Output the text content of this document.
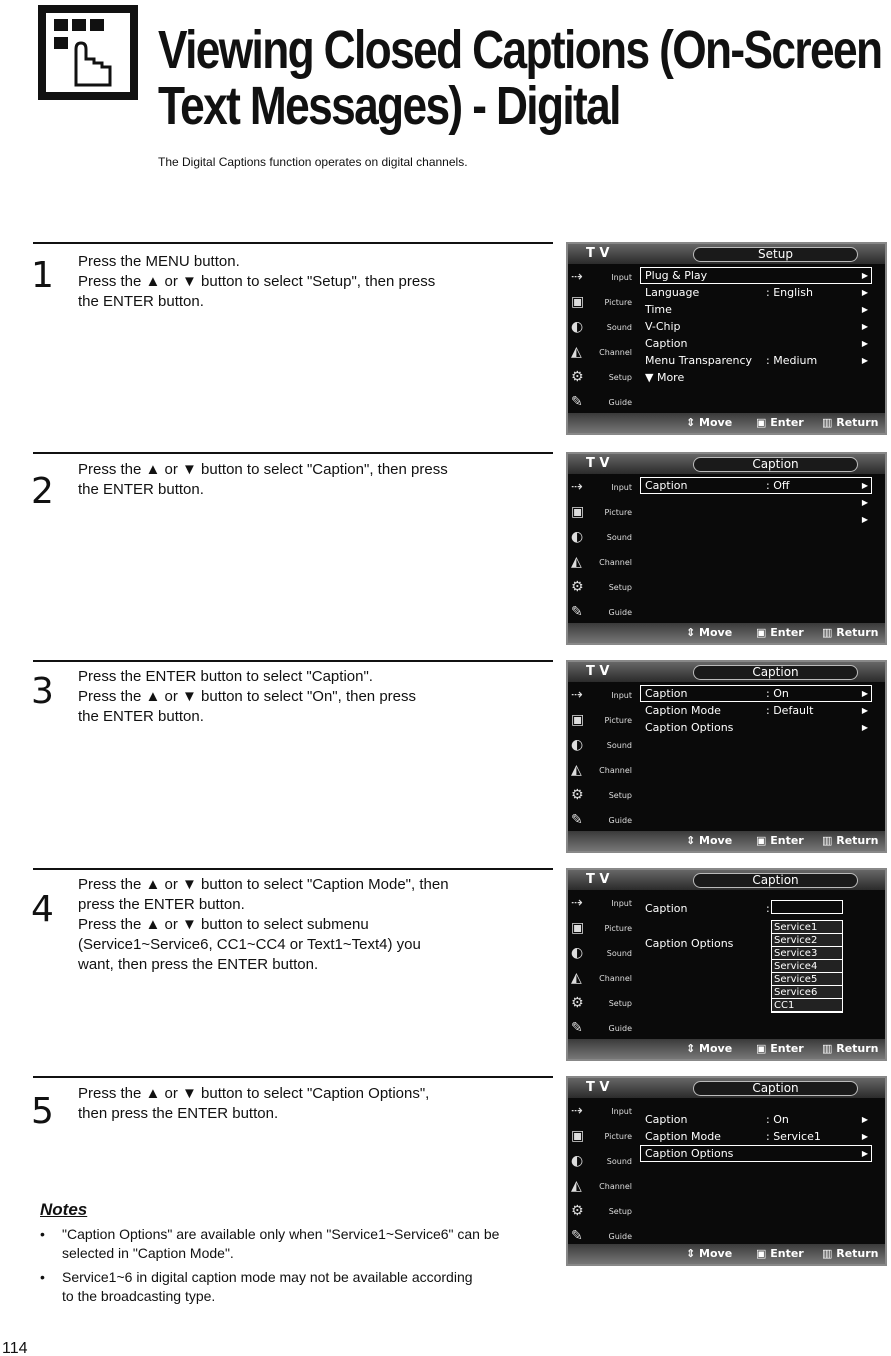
Viewing Closed Captions (On-Screen
Text Messages) - Digital
The Digital Captions function operates on digital channels.
1 Press the MENU button.
Press the ▲ or ▼ button to select "Setup", then press
the ENTER button.
T V	Setup
⇢	Input
▣	Picture
◐	Sound
◭ Channel
⚙	Setup
✎	Guide
Plug & Play	▶
Language	: English	▶
Time	▶
V-Chip	▶
Caption	▶
Menu Transparency : Medium	▶
▼ More
⇕ Move ▣ Enter ▥ Return
2
Press the ▲ or ▼ button to select "Caption", then press
the ENTER button.
T V	Caption
⇢	Input
▣	Picture
◐	Sound
◭ Channel
⚙	Setup
✎	Guide
Caption	: Off	▶
▶
▶
⇕ Move ▣ Enter ▥ Return
3 Press the ENTER button to select "Caption".
Press the ▲ or ▼ button to select "On", then press
the ENTER button.
T V	Caption
⇢	Input
▣	Picture
◐	Sound
◭ Channel
⚙	Setup
✎	Guide
Caption	: On	▶
Caption Mode	: Default	▶
Caption Options	▶
⇕ Move ▣ Enter ▥ Return
4
Press the ▲ or ▼ button to select "Caption Mode", then
press the ENTER button.
Press the ▲ or ▼ button to select submenu
(Service1~Service6, CC1~CC4 or Text1~Text4) you
want, then press the ENTER button.
T V	Caption
⇢	Input
▣	Picture
◐	Sound
◭ Channel
⚙	Setup
✎	Guide
Caption	:
Caption Options
Service1
Service2
Service3
Service4
Service5
Service6
CC1
⇕ Move ▣ Enter ▥ Return
5 Press the ▲ or ▼ button to select "Caption Options",
then press the ENTER button.
T V	Caption
⇢	Input
▣	Picture
◐	Sound
◭ Channel
⚙	Setup
✎	Guide
Caption	: On	▶
Caption Mode	: Service1	▶
Caption Options	▶
⇕ Move ▣ Enter ▥ Return
Notes
• "Caption Options" are available only when "Service1~Service6" can be selected in "Caption Mode".
• Service1~6 in digital caption mode may not be available according to the broadcasting type.
114
